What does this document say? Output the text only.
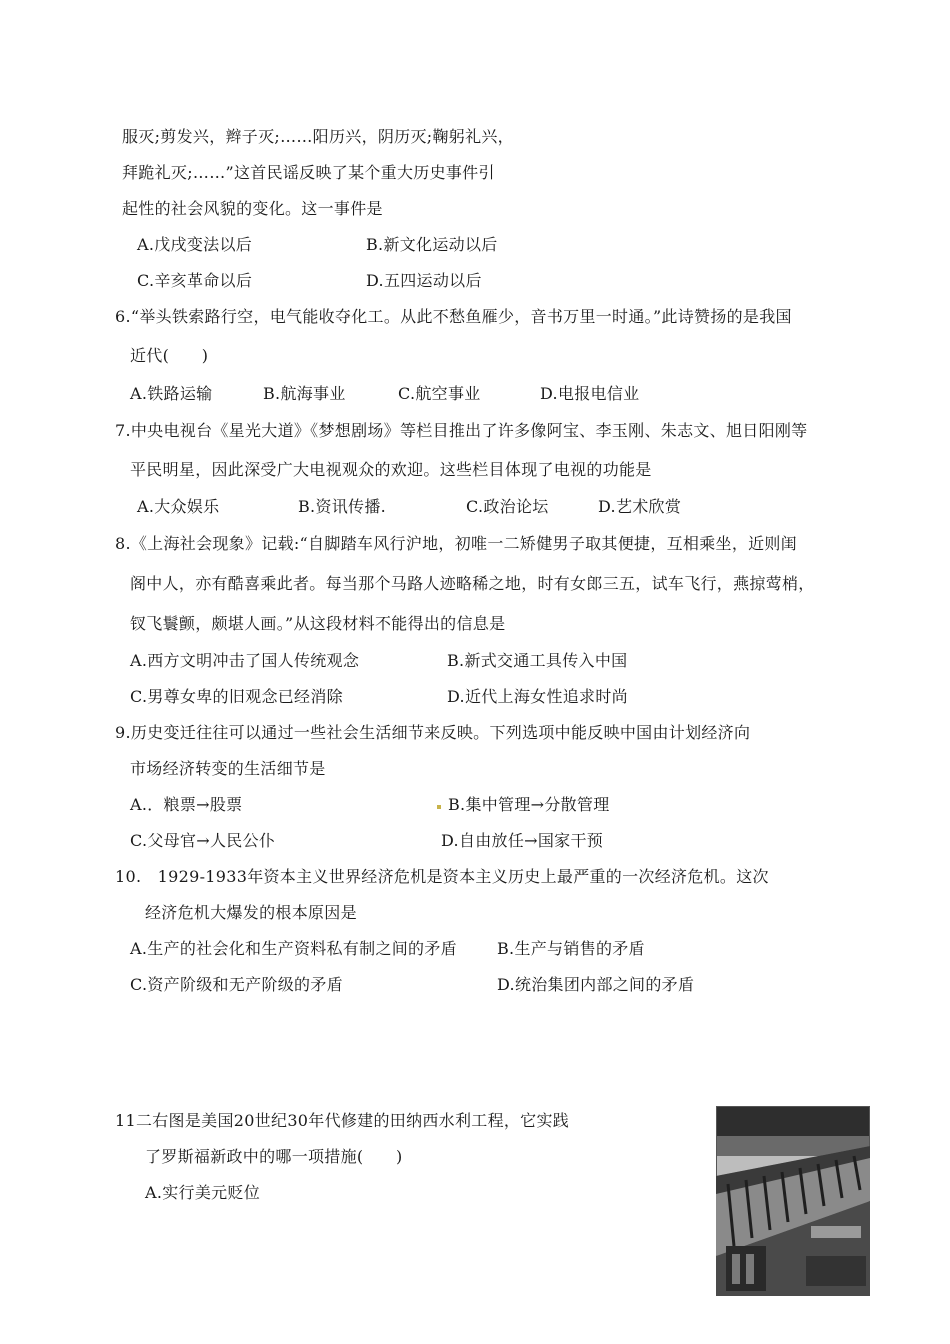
服灭;剪发兴，辫子灭;……阳历兴，阴历灭;鞠躬礼兴，
拜跪礼灭;……”这首民谣反映了某个重大历史事件引
起性的社会风貌的变化。这一事件是
A.戊戌变法以后	B.新文化运动以后
C.辛亥革命以后	D.五四运动以后
6.“举头铁索路行空，电气能收夺化工。从此不愁鱼雁少，音书万里一时通。”此诗赞扬的是我国
近代(　　)
A.铁路运输	B.航海事业	C.航空事业	D.电报电信业
7.中央电视台《星光大道》《梦想剧场》等栏目推出了许多像阿宝、李玉刚、朱志文、旭日阳刚等
平民明星，因此深受广大电视观众的欢迎。这些栏目体现了电视的功能是
A.大众娱乐	B.资讯传播.	C.政治论坛	D.艺术欣赏
8.《上海社会现象》记载:“自脚踏车风行沪地，初唯一二矫健男子取其便捷，互相乘坐，近则闺
阁中人，亦有酷喜乘此者。每当那个马路人迹略稀之地，时有女郎三五，试车飞行，燕掠莺梢，
钗飞鬟颤，颇堪人画。”从这段材料不能得出的信息是
A.西方文明冲击了国人传统观念	B.新式交通工具传入中国
C.男尊女卑的旧观念已经消除	D.近代上海女性追求时尚
9.历史变迁往往可以通过一些社会生活细节来反映。下列选项中能反映中国由计划经济向
市场经济转变的生活细节是
A.．粮票→股票	B.集中管理→分散管理
C.父母官→人民公仆	D.自由放任→国家干预
10.　1929-1933年资本主义世界经济危机是资本主义历史上最严重的一次经济危机。这次
经济危机大爆发的根本原因是
A.生产的社会化和生产资料私有制之间的矛盾	B.生产与销售的矛盾
C.资产阶级和无产阶级的矛盾	D.统治集团内部之间的矛盾
11二右图是美国20世纪30年代修建的田纳西水利工程，它实践
了罗斯福新政中的哪一项措施(　　)
A.实行美元贬位
